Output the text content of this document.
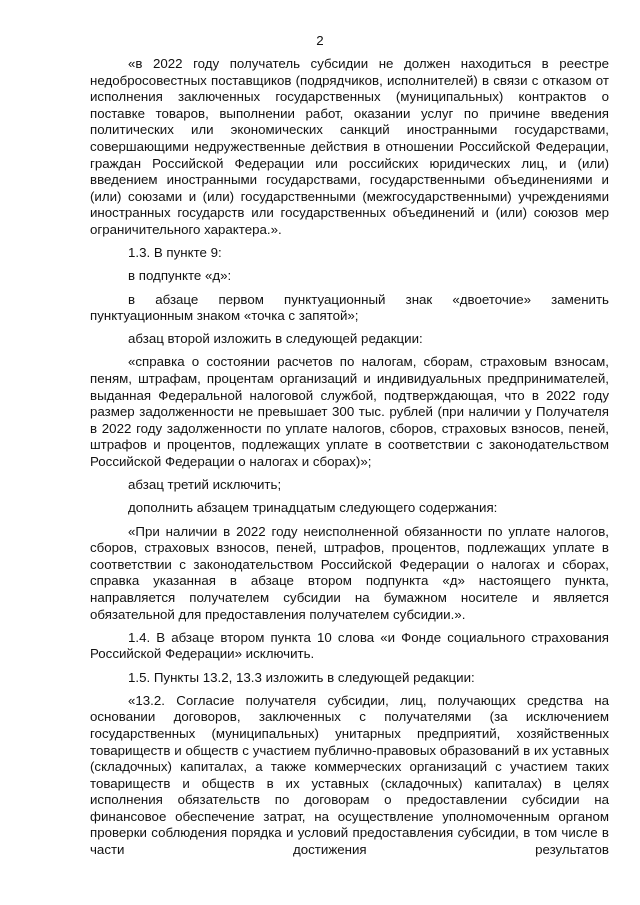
2

«в 2022 году получатель субсидии не должен находиться в реестре недобросовестных поставщиков (подрядчиков, исполнителей) в связи с отказом от исполнения заключенных государственных (муниципальных) контрактов о поставке товаров, выполнении работ, оказании услуг по причине введения политических или экономических санкций иностранными государствами, совершающими недружественные действия в отношении Российской Федерации, граждан Российской Федерации или российских юридических лиц, и (или) введением иностранными государствами, государственными объединениями и (или) союзами и (или) государственными (межгосударственными) учреждениями иностранных государств или государственных объединений и (или) союзов мер ограничительного характера.».

1.3. В пункте 9:

в подпункте «д»:

в абзаце первом пунктуационный знак «двоеточие» заменить пунктуационным знаком «точка с запятой»;

абзац второй изложить в следующей редакции:

«справка о состоянии расчетов по налогам, сборам, страховым взносам, пеням, штрафам, процентам организаций и индивидуальных предпринимателей, выданная Федеральной налоговой службой, подтверждающая, что в 2022 году размер задолженности не превышает 300 тыс. рублей (при наличии у Получателя в 2022 году задолженности по уплате налогов, сборов, страховых взносов, пеней, штрафов и процентов, подлежащих уплате в соответствии с законодательством Российской Федерации о налогах и сборах)»;

абзац третий исключить;

дополнить абзацем тринадцатым следующего содержания:

«При наличии в 2022 году неисполненной обязанности по уплате налогов, сборов, страховых взносов, пеней, штрафов, процентов, подлежащих уплате в соответствии с законодательством Российской Федерации о налогах и сборах, справка указанная в абзаце втором подпункта «д» настоящего пункта, направляется получателем субсидии на бумажном носителе и является обязательной для предоставления получателем субсидии.».

1.4. В абзаце втором пункта 10 слова «и Фонде социального страхования Российской Федерации» исключить.

1.5. Пункты 13.2, 13.3 изложить в следующей редакции:

«13.2. Согласие получателя субсидии, лиц, получающих средства на основании договоров, заключенных с получателями (за исключением государственных (муниципальных) унитарных предприятий, хозяйственных товариществ и обществ с участием публично-правовых образований в их уставных (складочных) капиталах, а также коммерческих организаций с участием таких товариществ и обществ в их уставных (складочных) капиталах) в целях исполнения обязательств по договорам о предоставлении субсидии на финансовое обеспечение затрат, на осуществление уполномоченным органом проверки соблюдения порядка и условий предоставления субсидии, в том числе в части достижения результатов
